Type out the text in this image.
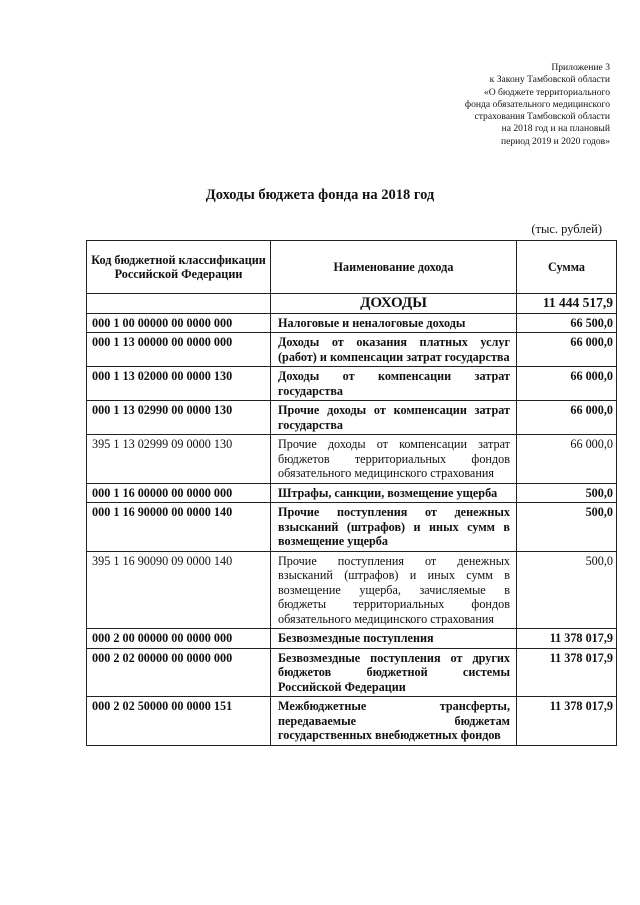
Приложение 3
к Закону Тамбовской области
«О бюджете территориального
фонда обязательного медицинского
страхования Тамбовской области
на 2018 год и на плановый
период 2019 и 2020 годов»
Доходы бюджета фонда на 2018 год
(тыс. рублей)
Код бюджетной классификации Российской Федерации	Наименование дохода	Сумма
	ДОХОДЫ	11 444 517,9
000 1 00 00000 00 0000 000	Налоговые и неналоговые доходы	66 500,0
000 1 13 00000 00 0000 000	Доходы от оказания платных услуг (работ) и компенсации затрат государства	66 000,0
000 1 13 02000 00 0000 130	Доходы от компенсации затрат государства	66 000,0
000 1 13 02990 00 0000 130	Прочие доходы от компенсации затрат государства	66 000,0
395 1 13 02999 09 0000 130	Прочие доходы от компенсации затрат бюджетов территориальных фондов обязательного медицинского страхования	66 000,0
000 1 16 00000 00 0000 000	Штрафы, санкции, возмещение ущерба	500,0
000 1 16 90000 00 0000 140	Прочие поступления от денежных взысканий (штрафов) и иных сумм в возмещение ущерба	500,0
395 1 16 90090 09 0000 140	Прочие поступления от денежных взысканий (штрафов) и иных сумм в возмещение ущерба, зачисляемые в бюджеты территориальных фондов обязательного медицинского страхования	500,0
000 2 00 00000 00 0000 000	Безвозмездные поступления	11 378 017,9
000 2 02 00000 00 0000 000	Безвозмездные поступления от других бюджетов бюджетной системы Российской Федерации	11 378 017,9
000 2 02 50000 00 0000 151	Межбюджетные трансферты, передаваемые бюджетам государственных внебюджетных фондов	11 378 017,9
